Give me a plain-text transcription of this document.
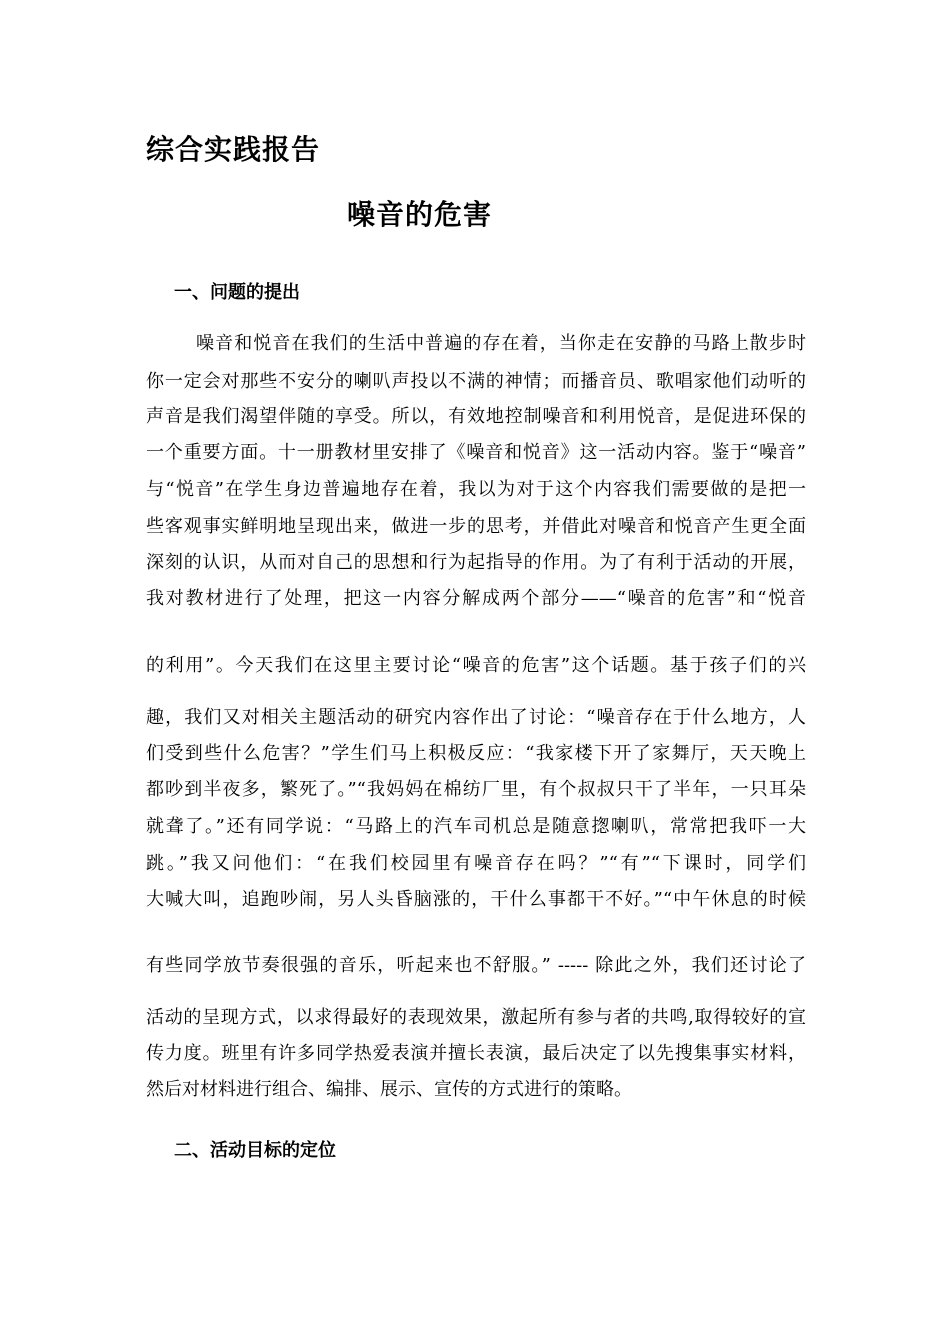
综合实践报告
噪音的危害
一、问题的提出
噪音和悦音在我们的生活中普遍的存在着，当你走在安静的马路上散步时
你一定会对那些不安分的喇叭声投以不满的神情；而播音员、歌唱家他们动听的
声音是我们渴望伴随的享受。所以，有效地控制噪音和利用悦音，是促进环保的
一个重要方面。十一册教材里安排了《噪音和悦音》这一活动内容。鉴于“噪音”
与“悦音”在学生身边普遍地存在着，我以为对于这个内容我们需要做的是把一
些客观事实鲜明地呈现出来，做进一步的思考，并借此对噪音和悦音产生更全面
深刻的认识，从而对自己的思想和行为起指导的作用。为了有利于活动的开展，
我对教材进行了处理，把这一内容分解成两个部分——“噪音的危害”和“悦音
的利用”。今天我们在这里主要讨论“噪音的危害”这个话题。基于孩子们的兴
趣，我们又对相关主题活动的研究内容作出了讨论：“噪音存在于什么地方，人
们受到些什么危害？”学生们马上积极反应：“我家楼下开了家舞厅，天天晚上
都吵到半夜多，繁死了。”“我妈妈在棉纺厂里，有个叔叔只干了半年，一只耳朵
就聋了。”还有同学说：“马路上的汽车司机总是随意揔喇叭，常常把我吓一大
跳。”我又问他们：“在我们校园里有噪音存在吗？”“有”“下课时，同学们
大喊大叫，追跑吵闹，另人头昏脑涨的，干什么事都干不好。”“中午休息的时候
有些同学放节奏很强的音乐，听起来也不舒服。” ----- 除此之外，我们还讨论了
活动的呈现方式，以求得最好的表现效果，激起所有参与者的共鸣,取得较好的宣
传力度。班里有许多同学热爱表演并擅长表演，最后决定了以先搜集事实材料，
然后对材料进行组合、编排、展示、宣传的方式进行的策略。
二、活动目标的定位
